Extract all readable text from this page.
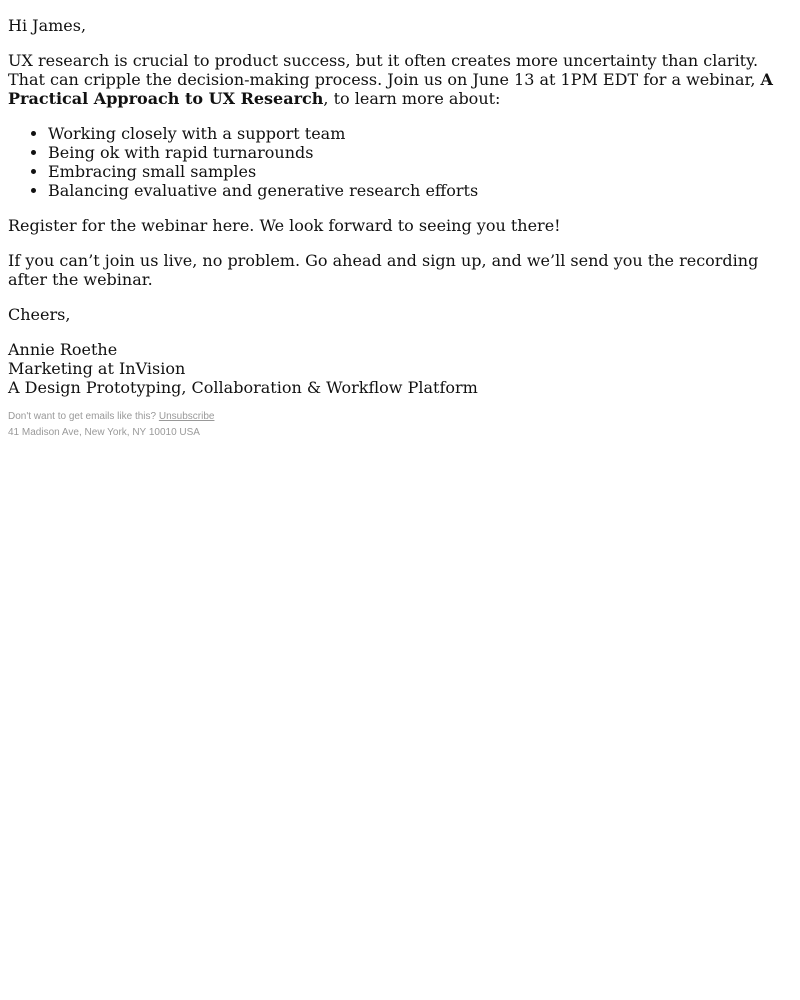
Hi James,

UX research is crucial to product success, but it often creates more uncertainty than clarity. That can cripple the decision-making process. Join us on June 13 at 1PM EDT for a webinar, A Practical Approach to UX Research, to learn more about:

• Working closely with a support team
• Being ok with rapid turnarounds
• Embracing small samples
• Balancing evaluative and generative research efforts

Register for the webinar here. We look forward to seeing you there!

If you can’t join us live, no problem. Go ahead and sign up, and we’ll send you the recording after the webinar.

Cheers,

Annie Roethe
Marketing at InVision
A Design Prototyping, Collaboration & Workflow Platform
Don't want to get emails like this? Unsubscribe
41 Madison Ave, New York, NY 10010 USA
